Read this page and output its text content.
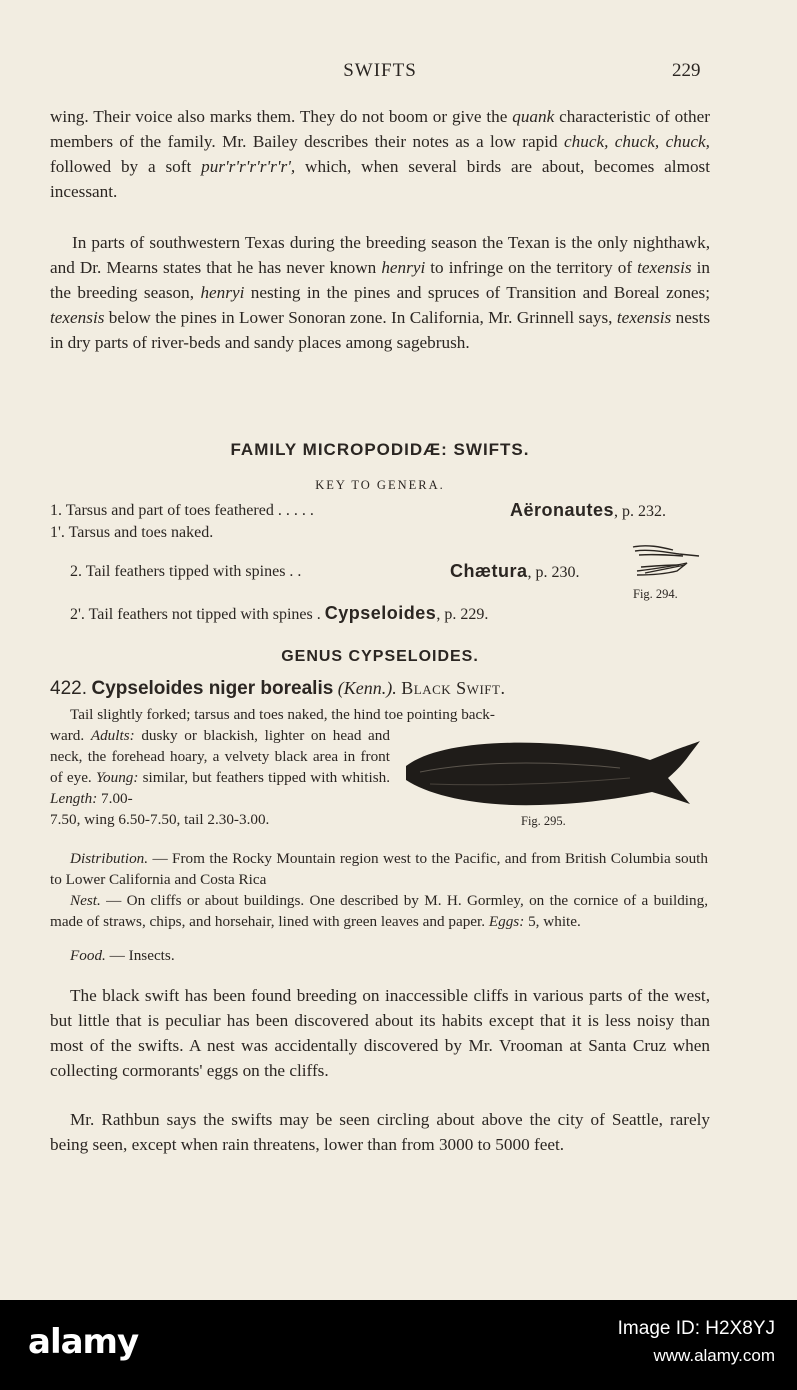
SWIFTS	229
wing. Their voice also marks them. They do not boom or give the quank characteristic of other members of the family. Mr. Bailey describes their notes as a low rapid chuck, chuck, chuck, followed by a soft pur'r'r'r'r'r'r', which, when several birds are about, becomes almost incessant.
In parts of southwestern Texas during the breeding season the Texan is the only nighthawk, and Dr. Mearns states that he has never known henryi to infringe on the territory of texensis in the breeding season, henryi nesting in the pines and spruces of Transition and Boreal zones; texensis below the pines in Lower Sonoran zone. In California, Mr. Grinnell says, texensis nests in dry parts of river-beds and sandy places among sagebrush.
FAMILY MICROPODIDÆ: SWIFTS.
KEY TO GENERA.
1. Tarsus and part of toes feathered . . . . .	Aëronautes, p. 232.
1'. Tarsus and toes naked.
2. Tail feathers tipped with spines . .	Chætura, p. 230.
2'. Tail feathers not tipped with spines . Cypseloides, p. 229.
Fig. 294.
GENUS CYPSELOIDES.
422. Cypseloides niger borealis (Kenn.). Black Swift.
Tail slightly forked; tarsus and toes naked, the hind toe pointing back-
ward. Adults: dusky or blackish, lighter on head and neck, the forehead hoary, a velvety black area in front of eye. Young: similar, but feathers tipped with whitish. Length: 7.00-
Fig. 295.
7.50, wing 6.50-7.50, tail 2.30-3.00.
Distribution. — From the Rocky Mountain region west to the Pacific, and from British Columbia south to Lower California and Costa Rica
Nest. — On cliffs or about buildings. One described by M. H. Gormley, on the cornice of a building, made of straws, chips, and horsehair, lined with green leaves and paper. Eggs: 5, white.
Food. — Insects.
The black swift has been found breeding on inaccessible cliffs in various parts of the west, but little that is peculiar has been discovered about its habits except that it is less noisy than most of the swifts. A nest was accidentally discovered by Mr. Vrooman at Santa Cruz when collecting cormorants' eggs on the cliffs.
Mr. Rathbun says the swifts may be seen circling about above the city of Seattle, rarely being seen, except when rain threatens, lower than from 3000 to 5000 feet.
alamy	Image ID: H2X8YJ
www.alamy.com
